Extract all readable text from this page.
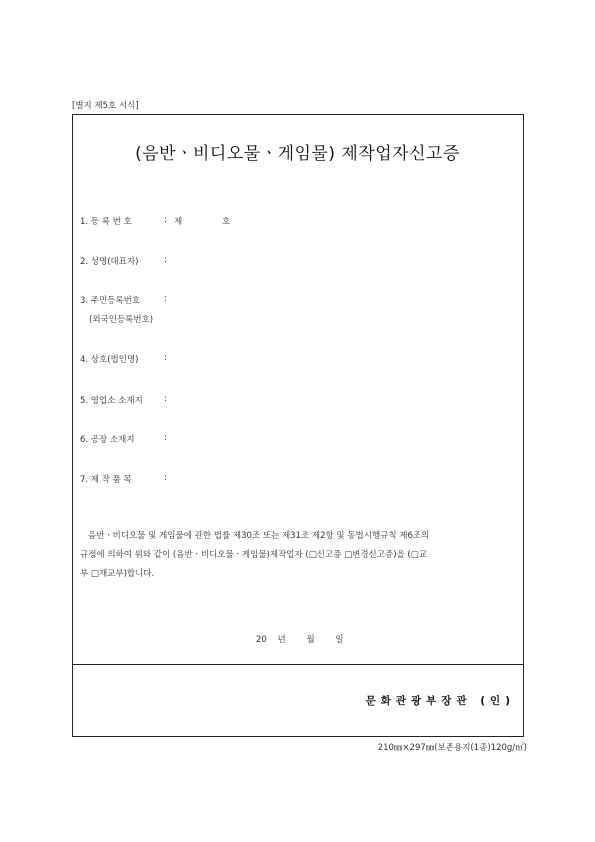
[별지 제5호 서식]
(음반ㆍ비디오물ㆍ게임물) 제작업자신고증
1. 등 록 번 호	: 제	호
2. 성명(대표자)	:
3. 주민등록번호	:
(외국인등록번호)
4. 상호(법인명)	:
5. 영업소 소재지 :
6. 공장 소재지	:
7. 제 작 품 목	:

음반ㆍ비디오물 및 게임물에 관한 법률 제30조 또는 제31조 제2항 및 동법시행규칙 제6조의

규정에 의하여 위와 같이 (음반ㆍ비디오물ㆍ게임물)제작업자 (□신고증 □변경신고증)을 (□교

부 □재교부)합니다.

20 년 월 일
문화관광부장관 (인)
210㎜×297㎜(보존용지(1종)120g/㎡)
